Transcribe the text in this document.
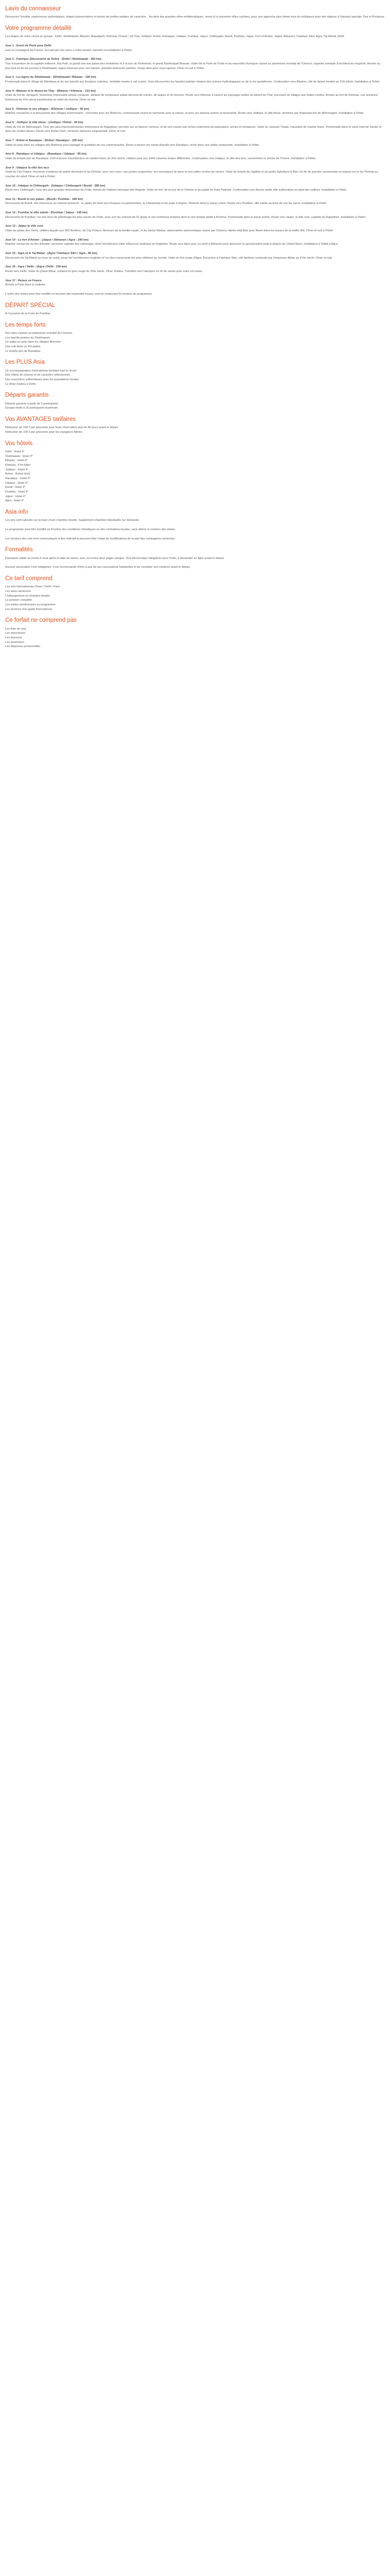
Lavis du connaisseur

Découvrez l'insolite, expériences authentiques, étapes buissonnières et toutes les petites pépites de caractère... Au-delà des grandes villes emblématiques, venez à la rencontre villes cachées, pour une approche plus intime tous du mythiques pour des régions à l'équipe] spéciale Tour et Pouleuse

Votre programme détaillé

Les étapes de votre circuit en groupe : Delhi, Shekhawati, Bikaner, Nawalgarh, Khimsar, Chand / Jal Thar, Jodhpur, Rohet, Ranakpur, Udaipur, Pushkar, Jaipur, Chittorgarh, Bundi, Pushkar, Jaipur, Fort of Amber, Jaipur, Abhaneri, Fatehpur Sikri, Agra, Taj Mahal, Delhi

Jour 1 : Envol de Paris pour Delhi
avec la compagnie Air France. Accueil par nos soins à votre arrivée, transfert et installation à l'hôtel.
Jour 2 : Fatehpur (Découverte de Delhi) - (Delhi / Shekhawati - 260 km)
Tour d'ouverture de la capitale indienne, Raj Path, le grand axe aux palais des ministères et à la tour du Parlement, le grand Rashtrapati Bhavan. Visite de la Porte de l'Inde et du mausolée Humayun classé au patrimoine mondial de l'Unesco, superbe exemple d'architecture moghole. Arrivée au plus tard en fin de journée à Shekhawati, région fameuse pour ses havelis, grandes demeures peintes. Temps libre pour vous reposer. Dîner et nuit à l'hôtel.
Jour 3 : La région du Shekhawati - (Shekhawati / Bikaner - 190 km)
Promenade dans le village de Mandawa et de ses havelis aux fresques colorées, véritable musée à ciel ouvert. Vous découvrirez les façades peintes relatant des scènes mythologiques ou de la vie quotidienne. Continuation vers Bikaner, cité du désert fondée au XVe siècle. Installation à l'hôtel.
Jour 4 : Bikaner et le désert du Thar - (Bikaner / Khimsar - 215 km)
Visite du fort de Junagarh, forteresse imprenable jamais conquise, abritant de somptueux palais décorés de miroirs, de laques et de dorures. Route vers Khimsar à travers les paysages arides du désert du Thar, ponctués de villages aux huttes rondes. Arrivée au fort de Khimsar, une ancienne forteresse du XVe siècle transformée en hôtel de charme. Dîner et nuit.
Jour 5 : Khimsar et ses villages - (Khimsar / Jodhpur - 95 km)
Matinée consacrée à la découverte des villages environnants : rencontre avec les Bishnoïs, communauté vivant en harmonie avec la nature, et avec les artisans potiers et tisserands. Route vers Jodhpur, la ville bleue, dominée par l'imposant fort de Mehrangarh. Installation à l'hôtel.
Jour 6 : Jodhpur la ville bleue - (Jodhpur / Rohet - 40 km)
Visite du fort de Mehrangarh, l'une des plus impressionnantes forteresses du Rajasthan, perchée sur un éperon rocheux, et de son musée aux riches collections de palanquins, armes et miniatures. Visite du Jaswant Thada, mausolée de marbre blanc. Promenade dans le vieux marché Sardar et dans les ruelles bleues. Route vers Rohet Garh, ancienne demeure seigneuriale. Dîner et nuit.
Jour 7 : Rohet et Ranakpur - (Rohet / Ranakpur - 105 km)
Safari en jeep dans les villages des Bishnoïs pour partager le quotidien de ces communautés. Route à travers les monts Aravalli vers Ranakpur, niché dans une vallée verdoyante. Installation à l'hôtel.
Jour 8 : Ranakpur et Udaipur - (Ranakpur / Udaipur - 95 km)
Visite du temple jaïn de Ranakpur, chef-d'œuvre d'architecture en marbre blanc du XVe siècle, célèbre pour ses 1444 colonnes toutes différentes. Continuation vers Udaipur, la ville des lacs, surnommée la Venise de l'Orient. Installation à l'hôtel.
Jour 9 : Udaipur la ville des lacs
Visite du City Palace, immense complexe de palais dominant le lac Pichola, avec ses cours, ses jardins suspendus, ses mosaïques de paon et ses salles ornées de miroirs. Visite du temple de Jagdish et du jardin Saheliyon ki Bari. En fin de journée, promenade en bateau sur le lac Pichola au coucher du soleil. Dîner et nuit à l'hôtel.
Jour 10 : Udaipur et Chittorgarh - (Udaipur / Chittorgarh / Bundi - 280 km)
Route vers Chittorgarh, l'une des plus grandes forteresses de l'Inde, témoin de l'histoire héroïque des Rajputs. Visite du fort, de la tour de la Victoire et du palais de Rani Padmini. Continuation vers Bundi, petite ville authentique au pied des collines. Installation à l'hôtel.
Jour 11 : Bundi et ses palais - (Bundi / Pushkar - 185 km)
Découverte de Bundi, cité méconnue au charme préservé : le palais de Garh aux fresques exceptionnelles, la Chitrashala et les puits à degrés. Flânerie dans le bazar coloré. Route vers Pushkar, ville sainte au bord de son lac sacré. Installation à l'hôtel.
Jour 12 : Pushkar la ville sainte - (Pushkar / Jaipur - 145 km)
Découverte de Pushkar, l'un des lieux de pèlerinage les plus sacrés de l'Inde, avec son lac entouré de 52 ghats et ses nombreux temples dont le rare temple dédié à Brahma. Promenade dans le bazar animé. Route vers Jaipur, la ville rose, capitale du Rajasthan. Installation à l'hôtel.
Jour 13 : Jaipur la ville rose
Visite du palais des Vents, célèbre façade aux 953 fenêtres, du City Palace, demeure de la famille royale, et du Jantar Mantar, observatoire astronomique classé par l'Unesco. Après-midi libre pour flâner dans les bazars de la vieille ville. Dîner et nuit à l'hôtel.
Jour 14 : Le fort d'Amber - (Jaipur / Abhaneri / Agra - 240 km)
Matinée consacrée au fort d'Amber, ancienne capitale des maharajas, dont l'architecture mêle influences hindoues et mogholes. Route vers Agra avec un arrêt à Abhaneri pour découvrir le spectaculaire puits à degrés de Chand Baori. Installation à l'hôtel à Agra.
Jour 15 : Agra et le Taj Mahal - (Agra / Fatehpur Sikri / Agra - 80 km)
Découverte du Taj Mahal au lever du soleil, joyau de l'architecture moghole et l'un des monuments les plus célèbres au monde. Visite du fort rouge d'Agra. Excursion à Fatehpur Sikri, cité fantôme construite par l'empereur Akbar au XVIe siècle. Dîner et nuit.
Jour 16 : Agra / Delhi - (Agra / Delhi - 230 km)
Route vers Delhi. Visite du Qutub Minar, minaret en grès rouge du XIIIe siècle. Dîner d'adieu. Transfert vers l'aéroport en fin de soirée pour votre vol retour.
Jour 17 : Retour en France
Arrivée à Paris dans la matinée.

L'ordre des visites peut être modifié en fonction des impératifs locaux, tout en respectant le contenu du programme.

DÉPART SPÉCIAL

À l'occasion de la Foire de Pushkar

Les temps forts
Des sites classés au patrimoine mondial de l'Unesco
Les havelis peintes du Shekhawati
Un safari en jeep dans les villages Bishnoïs
Une nuit dans un fort-palais
Le temple jaïn de Ranakpur
Les PLUS Asia
Un accompagnateur francophone pendant tout le circuit
Des hôtels de charme et de caractère sélectionnés
Des rencontres authentiques avec les populations locales
Le dîner d'adieu à Delhi
Départs garantis
Départs garantis à partir de 2 participants
Groupe limité à 16 participants maximum
Vos AVANTAGES tarifaires
Réduction de 150 € par personne pour toute réservation plus de 90 jours avant le départ
Réduction de 100 € par personne pour les voyageurs fidèles
Vos hôtels
Delhi : Hotel 4*
Shekhawati : Hotel 3*
Bikaner : Hotel 4*
Khimsar : Fort hôtel
Jodhpur : Hotel 4*
Rohet : Rohet Garh
Ranakpur : Hotel 3*
Udaipur : Hotel 4*
Bundi : Hotel 3*
Pushkar : Hotel 4*
Jaipur : Hotel 4*
Agra : Hotel 4*
Asia info

Les prix sont calculés sur la base d'une chambre double. Supplément chambre individuelle sur demande.

Le programme peut être modifié en fonction des conditions climatiques ou des contraintes locales, sans altérer le contenu des visites.

Les horaires des vols sont communiqués à titre indicatif et peuvent faire l'objet de modifications de la part des compagnies aériennes.

Formalités

Passeport valide au moins 6 mois après la date de retour, avec au moins deux pages vierges. Visa électronique obligatoire pour l'Inde, à demander en ligne avant le départ.

Aucune vaccination n'est obligatoire. Il est recommandé d'être à jour de ses vaccinations habituelles et de consulter son médecin avant le départ.

Ce tarif comprend
Les vols internationaux Paris / Delhi / Paris
Les taxes aériennes
L'hébergement en chambre double
La pension complète
Les visites mentionnées au programme
Les services d'un guide francophone
Ce forfait ne comprend pas
Les frais de visa
Les assurances
Les boissons
Les pourboires
Les dépenses personnelles
